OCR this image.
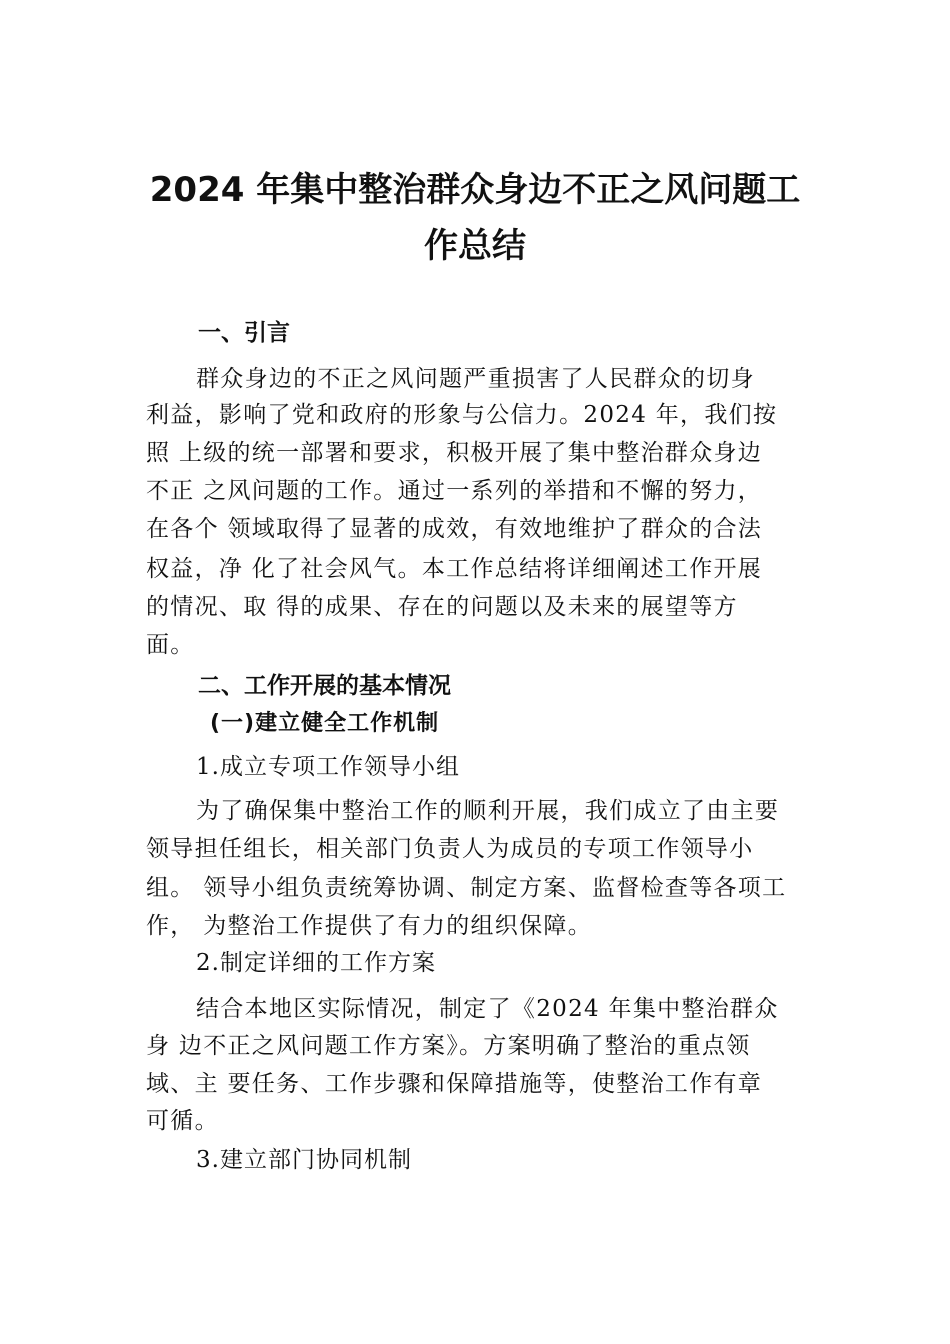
2024 年集中整治群众身边不正之风问题工
作总结
一、引言
群众身边的不正之风问题严重损害了人民群众的切身
利益，影响了党和政府的形象与公信力。2024 年，我们按
照 上级的统一部署和要求，积极开展了集中整治群众身边
不正 之风问题的工作。通过一系列的举措和不懈的努力，
在各个 领域取得了显著的成效，有效地维护了群众的合法
权益，净 化了社会风气。本工作总结将详细阐述工作开展
的情况、取 得的成果、存在的问题以及未来的展望等方
面。
二、工作开展的基本情况
(一)建立健全工作机制
1.成立专项工作领导小组
为了确保集中整治工作的顺利开展，我们成立了由主要
领导担任组长，相关部门负责人为成员的专项工作领导小
组。 领导小组负责统筹协调、制定方案、监督检查等各项工
作， 为整治工作提供了有力的组织保障。
2.制定详细的工作方案
结合本地区实际情况，制定了《2024 年集中整治群众
身 边不正之风问题工作方案》。方案明确了整治的重点领
域、主 要任务、工作步骤和保障措施等，使整治工作有章
可循。
3.建立部门协同机制
